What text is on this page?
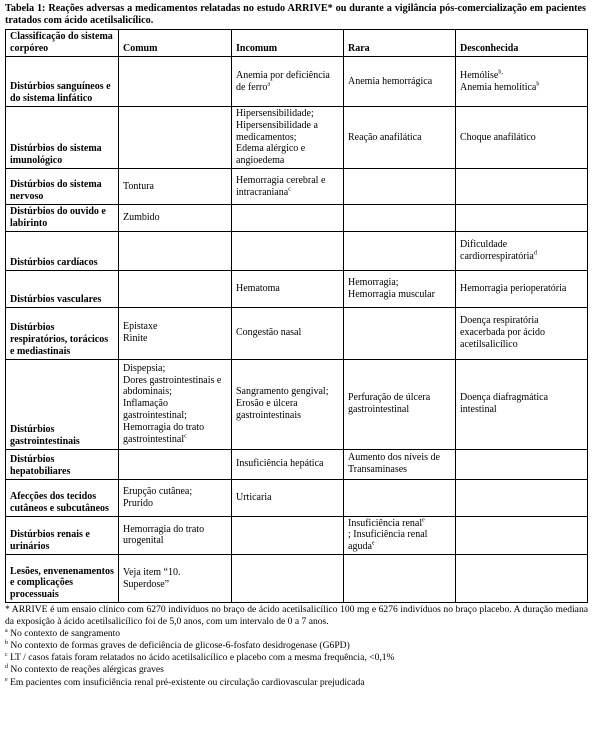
Tabela 1: Reações adversas a medicamentos relatadas no estudo ARRIVE* ou durante a vigilância pós-comercialização em pacientes tratados com ácido acetilsalicílico.

Classificação do sistema corpóreo	Comum	Incomum	Rara	Desconhecida
Distúrbios sanguíneos e do sistema linfático		Anemia por deficiência de ferro$^a$	Anemia hemorrágica	Hemólise$^{b,}$
Anemia hemolítica$^b$

Distúrbios do sistema imunológico		Hipersensibilidade;
Hipersensibilidade a medicamentos;
Edema alérgico e angioedema	Reação anafilática	Choque anafilático

Distúrbios do sistema nervoso	Tontura	Hemorragia cerebral e intracraniana$^c$

Distúrbios do ouvido e labirinto	Zumbido			

Distúrbios cardíacos				Dificuldade cardiorrespiratória$^d$

Distúrbios vasculares		Hematoma	Hemorragia;
Hemorragia muscular	Hemorragia perioperatória

Distúrbios respiratórios, torácicos e mediastinais	Epistaxe
Rinite	Congestão nasal		Doença respiratória exacerbada por ácido acetilsalicílico

Distúrbios gastrointestinais	Dispepsia;
Dores gastrointestinais e abdominais;
Inflamação gastrointestinal;
Hemorragia do trato gastrointestinal$^c$	Sangramento gengival;
Erosão e úlcera gastrointestinais	Perfuração de úlcera gastrointestinal	Doença diafragmática intestinal

Distúrbios hepatobiliares		Insuficiência hepática	Aumento dos níveis de Transaminases	

Afecções dos tecidos cutâneos e subcutâneos	Erupção cutânea;
Prurido	Urticaria		

Distúrbios renais e urinários	Hemorragia do trato urogenital		Insuficiência renal$^e$
; Insuficiência renal aguda$^e$

Lesões, envenenamentos e complicações processuais	Veja item “10. Superdose”			

* ARRIVE é um ensaio clínico com 6270 indivíduos no braço de ácido acetilsalicílico 100 mg e 6276 indivíduos no braço placebo. A duração mediana da exposição à ácido acetilsalicílico foi de 5,0 anos, com um intervalo de 0 a 7 anos.

$^a$ No contexto de sangramento
$^b$ No contexto de formas graves de deficiência de glicose-6-fosfato desidrogenase (G6PD)
$^c$ LT / casos fatais foram relatados no ácido acetilsalicílico e placebo com a mesma frequência, <0,1%
$^d$ No contexto de reações alérgicas graves
$^e$ Em pacientes com insuficiência renal pré-existente ou circulação cardiovascular prejudicada
